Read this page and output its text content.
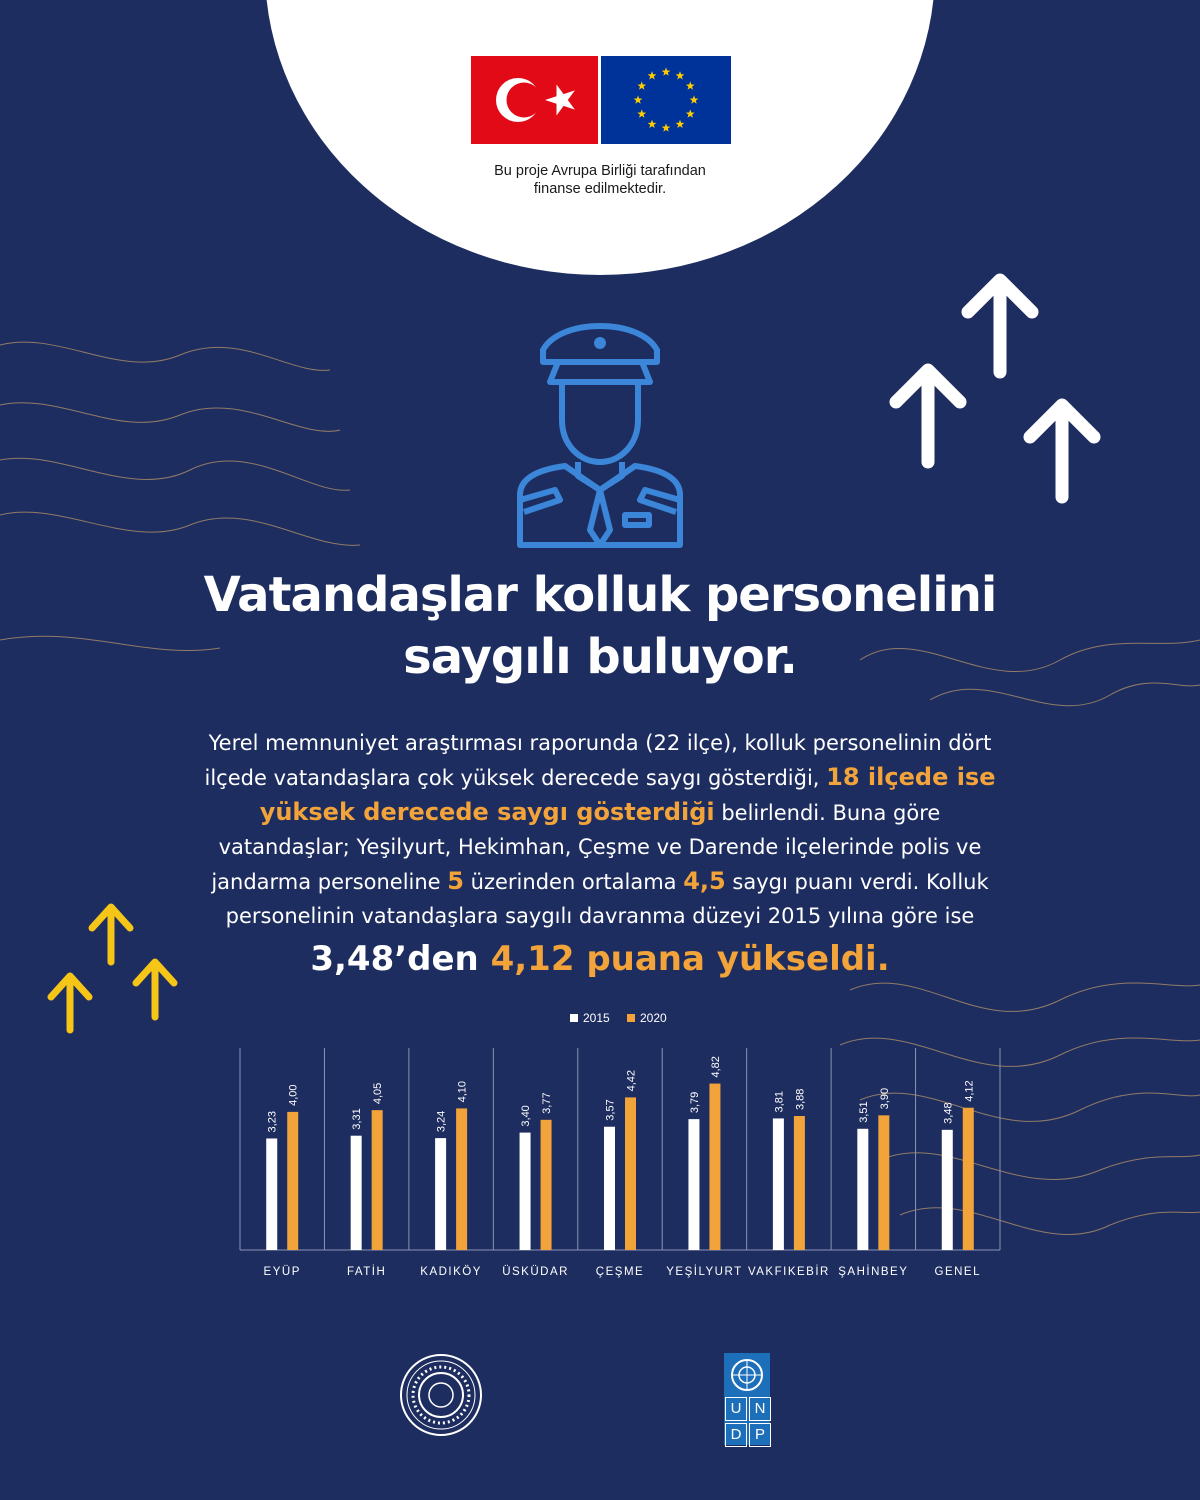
Bu proje Avrupa Birliği tarafından
finanse edilmektedir.
Vatandaşlar kolluk personelini
saygılı buluyor.
Yerel memnuniyet araştırması raporunda (22 ilçe), kolluk personelinin dört
ilçede vatandaşlara çok yüksek derecede saygı gösterdiği, 18 ilçede ise
yüksek derecede saygı gösterdiği belirlendi. Buna göre
vatandaşlar; Yeşilyurt, Hekimhan, Çeşme ve Darende ilçelerinde polis ve
jandarma personeline 5 üzerinden ortalama 4,5 saygı puanı verdi. Kolluk
personelinin vatandaşlara saygılı davranma düzeyi 2015 yılına göre ise
3,48’den 4,12 puana yükseldi.
3,23
4,00
EYÜP
3,31
4,05
FATİH
3,24
4,10
KADIKÖY
3,40
3,77
ÜSKÜDAR
3,57
4,42
ÇEŞME
3,79
4,82
YEŞİLYURT
3,81 3,88
VAKFIKEBİR
3,51
3,90
ŞAHİNBEY
3,48
4,12
GENEL
2015	2020
U N
D P
